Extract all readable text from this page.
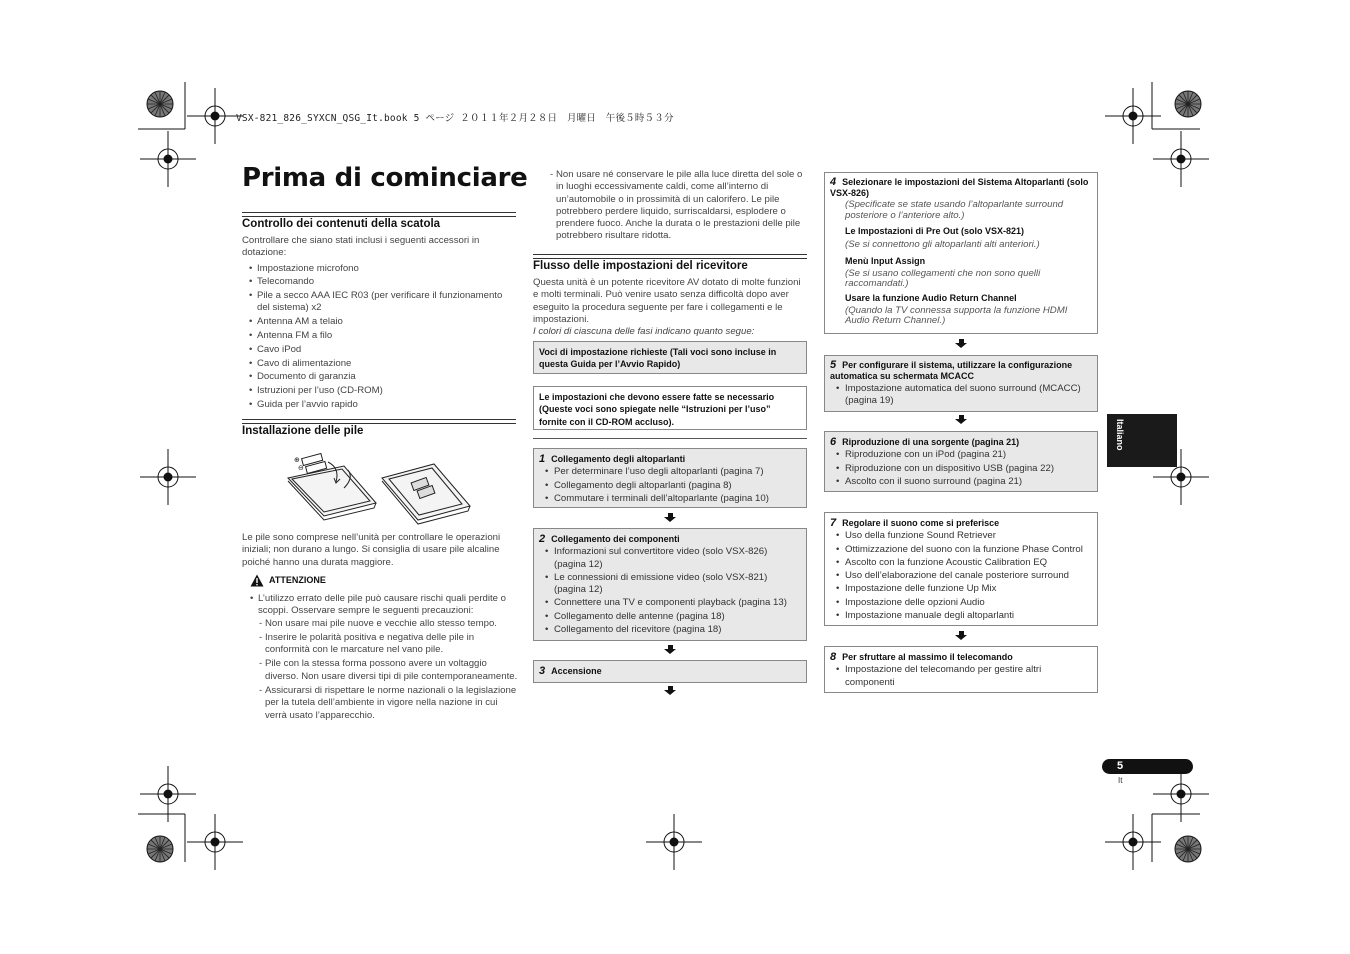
VSX-821_826_SYXCN_QSG_It.book 5 ページ ２０１１年２月２８日　月曜日　午後５時５３分
Prima di cominciare
Controllo dei contenuti della scatola
Controllare che siano stati inclusi i seguenti accessori in dotazione:
• Impostazione microfono
• Telecomando
• Pile a secco AAA IEC R03 (per verificare il funzionamento del sistema) x2
• Antenna AM a telaio
• Antenna FM a filo
• Cavo iPod
• Cavo di alimentazione
• Documento di garanzia
• Istruzioni per l’uso (CD-ROM)
• Guida per l’avvio rapido
Installazione delle pile
⊕
⊖
Le pile sono comprese nell’unità per controllare le operazioni iniziali; non durano a lungo. Si consiglia di usare pile alcaline poiché hanno una durata maggiore.
ATTENZIONE
• L’utilizzo errato delle pile può causare rischi quali perdite o scoppi. Osservare sempre le seguenti precauzioni:
- Non usare mai pile nuove e vecchie allo stesso tempo.
- Inserire le polarità positiva e negativa delle pile in conformità con le marcature nel vano pile.
- Pile con la stessa forma possono avere un voltaggio diverso. Non usare diversi tipi di pile contemporaneamente.
- Assicurarsi di rispettare le norme nazionali o la legislazione per la tutela dell’ambiente in vigore nella nazione in cui verrà usato l’apparecchio.
- Non usare né conservare le pile alla luce diretta del sole o in luoghi eccessivamente caldi, come all’interno di un’automobile o in prossimità di un calorifero. Le pile potrebbero perdere liquido, surriscaldarsi, esplodere o prendere fuoco. Anche la durata o le prestazioni delle pile potrebbero risultare ridotta.
Flusso delle impostazioni del ricevitore
Questa unità è un potente ricevitore AV dotato di molte funzioni e molti terminali. Può venire usato senza difficoltà dopo aver eseguito la procedura seguente per fare i collegamenti e le impostazioni.
I colori di ciascuna delle fasi indicano quanto segue:
Voci di impostazione richieste (Tali voci sono incluse in questa Guida per l’Avvio Rapido)
Le impostazioni che devono essere fatte se necessario (Queste voci sono spiegate nelle “Istruzioni per l’uso” fornite con il CD-ROM accluso).
1 Collegamento degli altoparlanti
• Per determinare l’uso degli altoparlanti (pagina 7)
• Collegamento degli altoparlanti (pagina 8)
• Commutare i terminali dell’altoparlante (pagina 10)
2 Collegamento dei componenti
• Informazioni sul convertitore video (solo VSX-826) (pagina 12)
• Le connessioni di emissione video (solo VSX-821) (pagina 12)
• Connettere una TV e componenti playback (pagina 13)
• Collegamento delle antenne (pagina 18)
• Collegamento del ricevitore (pagina 18)
3 Accensione
4 Selezionare le impostazioni del Sistema Altoparlanti (solo VSX-826)
(Specificate se state usando l’altoparlante surround posteriore o l’anteriore alto.)
Le Impostazioni di Pre Out (solo VSX-821)
(Se si connettono gli altoparlanti alti anteriori.)
Menù Input Assign
(Se si usano collegamenti che non sono quelli raccomandati.)
Usare la funzione Audio Return Channel
(Quando la TV connessa supporta la funzione HDMI Audio Return Channel.)
5 Per configurare il sistema, utilizzare la configurazione automatica su schermata MCACC
• Impostazione automatica del suono surround (MCACC) (pagina 19)
6 Riproduzione di una sorgente (pagina 21)
• Riproduzione con un iPod (pagina 21)
• Riproduzione con un dispositivo USB (pagina 22)
• Ascolto con il suono surround (pagina 21)
7 Regolare il suono come si preferisce
• Uso della funzione Sound Retriever
• Ottimizzazione del suono con la funzione Phase Control
• Ascolto con la funzione Acoustic Calibration EQ
• Uso dell’elaborazione del canale posteriore surround
• Impostazione delle funzione Up Mix
• Impostazione delle opzioni Audio
• Impostazione manuale degli altoparlanti
8 Per sfruttare al massimo il telecomando
• Impostazione del telecomando per gestire altri componenti
Italiano
5
It
